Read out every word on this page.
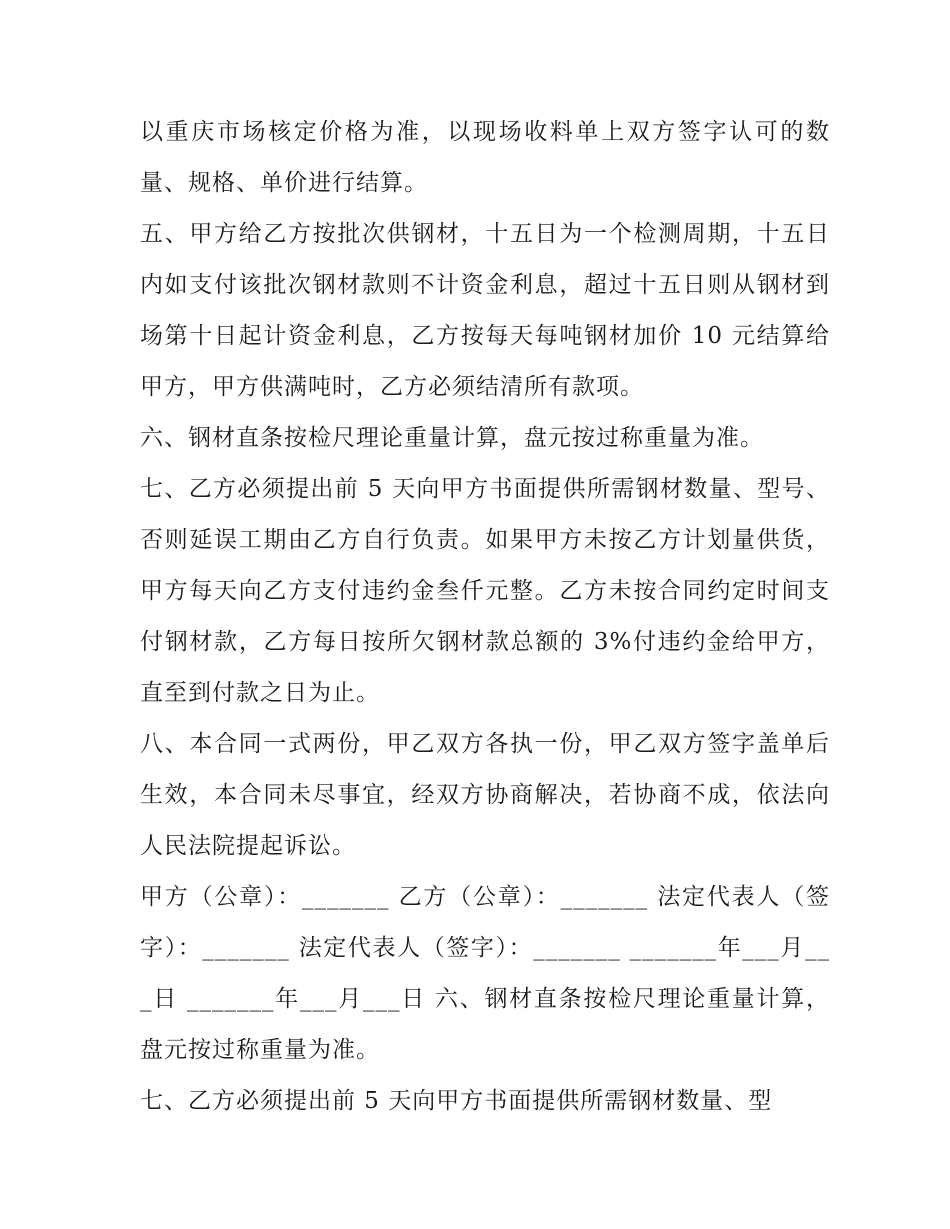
以重庆市场核定价格为准，以现场收料单上双方签字认可的数量、规格、单价进行结算。

五、甲方给乙方按批次供钢材，十五日为一个检测周期，十五日内如支付该批次钢材款则不计资金利息，超过十五日则从钢材到场第十日起计资金利息，乙方按每天每吨钢材加价 10 元结算给甲方，甲方供满吨时，乙方必须结清所有款项。

六、钢材直条按检尺理论重量计算，盘元按过称重量为准。

七、乙方必须提出前 5 天向甲方书面提供所需钢材数量、型号、否则延误工期由乙方自行负责。如果甲方未按乙方计划量供货，甲方每天向乙方支付违约金叁仟元整。乙方未按合同约定时间支付钢材款，乙方每日按所欠钢材款总额的 3%付违约金给甲方，直至到付款之日为止。

八、本合同一式两份，甲乙双方各执一份，甲乙双方签字盖单后生效，本合同未尽事宜，经双方协商解决，若协商不成，依法向人民法院提起诉讼。

甲方（公章）：_______ 乙方（公章）：_______ 法定代表人（签字）：_______ 法定代表人（签字）：_______ _______年___月___日 _______年___月___日 六、钢材直条按检尺理论重量计算，盘元按过称重量为准。

七、乙方必须提出前 5 天向甲方书面提供所需钢材数量、型
